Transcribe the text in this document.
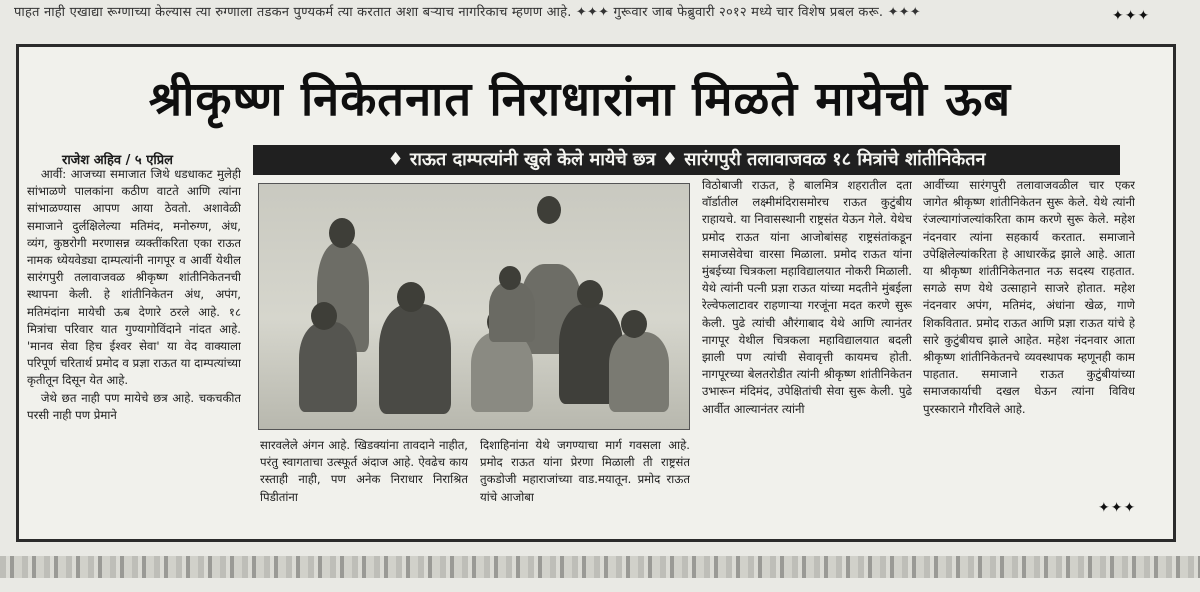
पाहत नाही एखाद्या रूग्णाच्या केल्यास त्या रुग्णाला तडकन पुण्यकर्म त्या करतात अशा बऱ्याच नागरिकाच म्हणण आहे. ✦✦✦ गुरूवार जाब फेब्रुवारी २०१२ मध्ये चार विशेष प्रबल करू. ✦✦✦
श्रीकृष्ण निकेतनात निराधारांना मिळते मायेची ऊब
राजेश अहिव / ५ एप्रिल	♦ राऊत दाम्पत्यांनी खुले केले मायेचे छत्र ♦ सारंगपुरी तलावाजवळ १८ मित्रांचे शांतीनिकेतन

आर्वी: आजच्या समाजात जिथे धडधाकट मुलेही सांभाळणे पालकांना कठीण वाटते आणि त्यांना सांभाळण्यास आपण आया ठेवतो. अशावेळी समाजाने दुर्लक्षिलेल्या मतिमंद, मनोरुग्ण, अंध, व्यंग, कुष्ठरोगी मरणासन्न व्यक्तींकरिता एका राऊत नामक ध्येयवेड्या दाम्पत्यांनी नागपूर व आर्वी येथील सारंगपुरी तलावाजवळ श्रीकृष्ण शांतीनिकेतनची स्थापना केली. हे शांतीनिकेतन अंध, अपंग, मतिमंदांना मायेची ऊब देणारे ठरले आहे. १८ मित्रांचा परिवार यात गुण्यागोविंदाने नांदत आहे. 'मानव सेवा हिच ईश्वर सेवा' या वेद वाक्याला परिपूर्ण चरितार्थ प्रमोद व प्रज्ञा राऊत या दाम्पत्यांच्या कृतीतून दिसून येत आहे.

जेथे छत नाही पण मायेचे छत्र आहे. चकचकीत परसी नाही पण प्रेमाने

सारवलेले अंगन आहे. खिडक्यांना तावदाने नाहीत, परंतु स्वागताचा उत्स्फूर्त अंदाज आहे. ऐवढेच काय रस्ताही नाही, पण अनेक निराधार निराश्रित पिडीतांना

दिशाहिनांना येथे जगण्याचा मार्ग गवसला आहे. प्रमोद राऊत यांना प्रेरणा मिळाली ती राष्ट्रसंत तुकडोजी महाराजांच्या वाड.मयातून. प्रमोद राऊत यांचे आजोबा

विठोबाजी राऊत, हे बालमित्र शहरातील दता वॉर्डातील लक्ष्मीमंदिरासमोरच राऊत कुटुंबीय राहायचे. या निवासस्थानी राष्ट्रसंत येऊन गेले. येथेच प्रमोद राऊत यांना आजोबांसह राष्ट्रसंतांकडून समाजसेवेचा वारसा मिळाला. प्रमोद राऊत यांना मुंबईच्या चित्रकला महाविद्यालयात नोकरी मिळाली. येथे त्यांनी पत्नी प्रज्ञा राऊत यांच्या मदतीने मुंबईला रेल्वेफलाटावर राहणाऱ्या गरजूंना मदत करणे सुरू केली. पुढे त्यांची औरंगाबाद येथे आणि त्यानंतर नागपूर येथील चित्रकला महाविद्यालयात बदली झाली पण त्यांची सेवावृत्ती कायमच होती. नागपूरच्या बेलतरोडीत त्यांनी श्रीकृष्ण शांतीनिकेतन उभारून मंदिमंद, उपेक्षितांची सेवा सुरू केली. पुढे आर्वीत आल्यानंतर त्यांनी

आर्वीच्या सारंगपुरी तलावाजवळील चार एकर जागेत श्रीकृष्ण शांतीनिकेतन सुरू केले. येथे त्यांनी रंजल्यागांजल्यांकरिता काम करणे सुरू केले. महेश नंदनवार त्यांना सहकार्य करतात. समाजाने उपेक्षिलेल्यांकरिता हे आधारकेंद्र झाले आहे. आता या श्रीकृष्ण शांतीनिकेतनात नऊ सदस्य राहतात. सगळे सण येथे उत्साहाने साजरे होतात. महेश नंदनवार अपंग, मतिमंद, अंधांना खेळ, गाणे शिकवितात. प्रमोद राऊत आणि प्रज्ञा राऊत यांचे हे सारे कुटुंबीयच झाले आहेत. महेश नंदनवार आता श्रीकृष्ण शांतीनिकेतनचे व्यवस्थापक म्हणूनही काम पाहतात. समाजाने राऊत कुटुंबीयांच्या समाजकार्याची दखल घेऊन त्यांना विविध पुरस्काराने गौरविले आहे.

✦✦✦
✦✦✦
